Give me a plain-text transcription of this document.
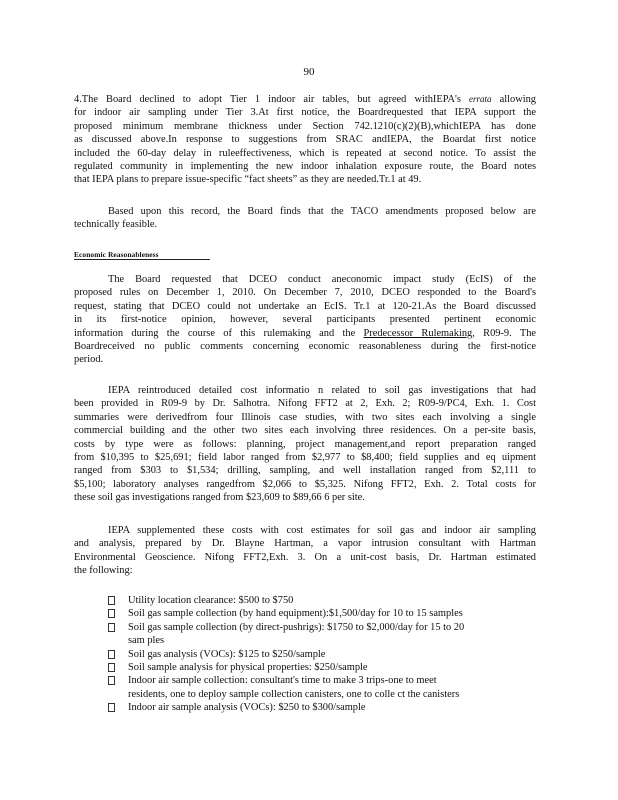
90
4.The Board declined to adopt Tier 1 indoor air tables, but agreed withIEPA's errata allowing
for indoor air sampling under Tier 3.At first notice, the Boardrequested that IEPA support the
proposed minimum membrane thickness under Section 742.1210(c)(2)(B),whichIEPA has done
as discussed above.In response to suggestions from SRAC andIEPA, the Boardat first notice
included the 60-day delay in ruleeffectiveness, which is repeated at second notice. To assist the
regulated community in implementing the new indoor inhalation exposure route, the Board notes
that IEPA plans to prepare issue-specific “fact sheets” as they are needed.Tr.1 at 49.
Based upon this record, the Board finds that the TACO amendments proposed below are
technically feasible.
Economic Reasonableness
The Board requested that DCEO conduct aneconomic impact study (EcIS) of the
proposed rules on December 1, 2010. On December 7, 2010, DCEO responded to the Board's
request, stating that DCEO could not undertake an EcIS. Tr.1 at 120-21.As the Board discussed
in its first-notice opinion, however, several participants presented pertinent economic
information during the course of this rulemaking and the Predecessor Rulemaking, R09-9. The
Boardreceived no public comments concerning economic reasonableness during the first-notice
period.
IEPA reintroduced detailed cost informatio n related to soil gas investigations that had
been provided in R09-9 by Dr. Salhotra. Nifong FFT2 at 2, Exh. 2; R09-9/PC4, Exh. 1. Cost
summaries were derivedfrom four Illinois case studies, with two sites each involving a single
commercial building and the other two sites each involving three residences. On a per-site basis,
costs by type were as follows: planning, project management,and report preparation ranged
from $10,395 to $25,691; field labor ranged from $2,977 to $8,400; field supplies and eq uipment
ranged from $303 to $1,534; drilling, sampling, and well installation ranged from $2,111 to
$5,100; laboratory analyses rangedfrom $2,066 to $5,325. Nifong FFT2, Exh. 2. Total costs for
these soil gas investigations ranged from $23,609 to $89,66 6 per site.
IEPA supplemented these costs with cost estimates for soil gas and indoor air sampling
and analysis, prepared by Dr. Blayne Hartman, a vapor intrusion consultant with Hartman
Environmental Geoscience. Nifong FFT2,Exh. 3. On a unit-cost basis, Dr. Hartman estimated
the following:
Utility location clearance: $500 to $750
Soil gas sample collection (by hand equipment):$1,500/day for 10 to 15 samples
Soil gas sample collection (by direct-pushrigs): $1750 to $2,000/day for 15 to 20
sam ples
Soil gas analysis (VOCs): $125 to $250/sample
Soil sample analysis for physical properties: $250/sample
Indoor air sample collection: consultant's time to make 3 trips-one to meet
residents, one to deploy sample collection canisters, one to colle ct the canisters
Indoor air sample analysis (VOCs): $250 to $300/sample
